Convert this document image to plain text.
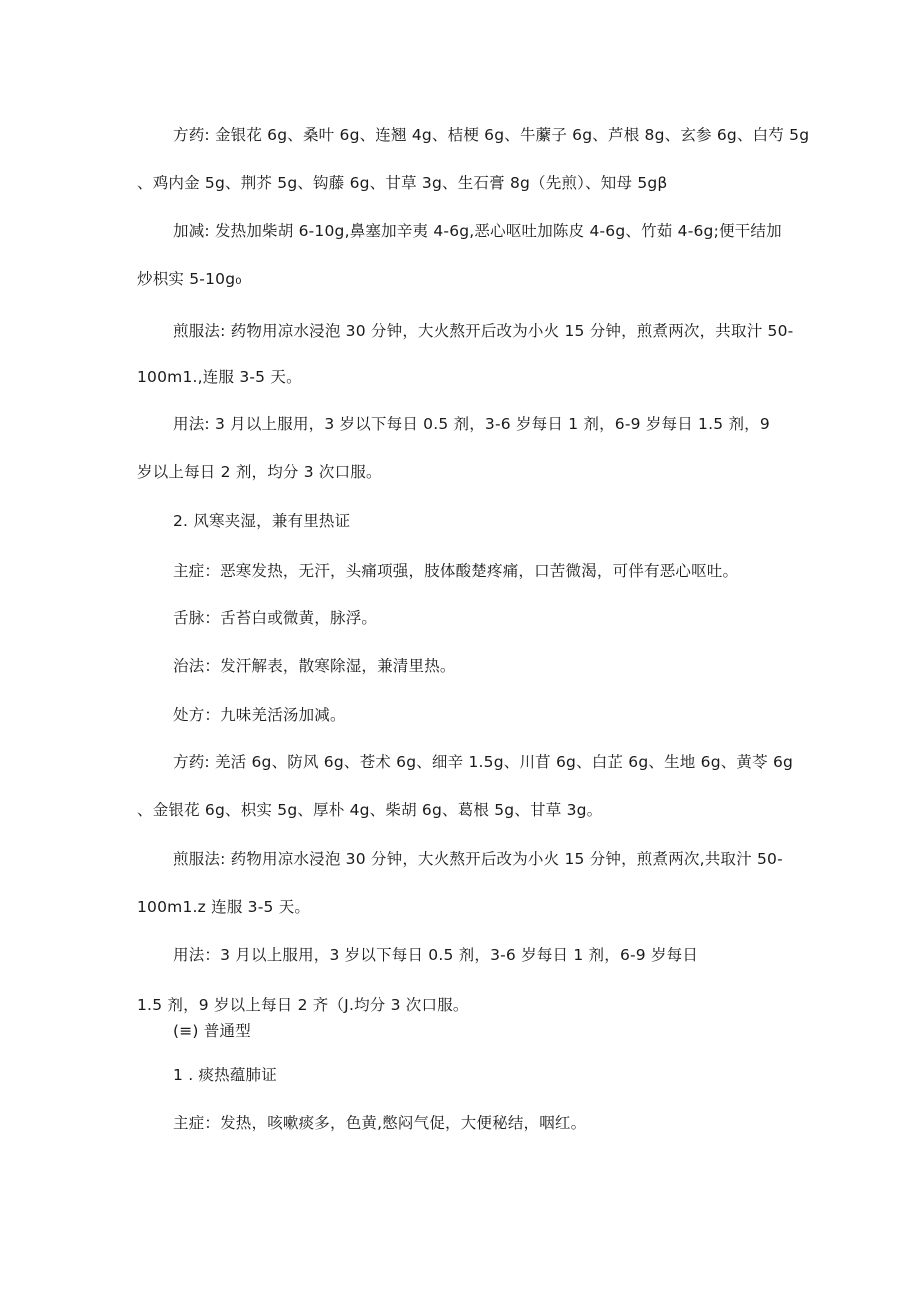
方药: 金银花 6g、桑叶 6g、连翘 4g、桔梗 6g、牛䕷子 6g、芦根 8g、玄参 6g、白芍 5g
、鸡内金 5g、荆芥 5g、钩藤 6g、甘草 3g、生石膏 8g（先煎）、知母 5gβ
加减: 发热加柴胡 6-10g,鼻塞加辛夷 4-6g,恶心呕吐加陈皮 4-6g、竹茹 4-6g;便干结加
炒枳实 5-10g₀
煎服法: 药物用凉水浸泡 30 分钟，大火熬开后改为小火 15 分钟，煎煮两次，共取汁 50-
100m1.,连服 3-5 天。
用法: 3 月以上服用，3 岁以下每日 0.5 剂，3-6 岁每日 1 剂，6-9 岁每日 1.5 剂，9
岁以上每日 2 剂，均分 3 次口服。
2. 风寒夹湿，兼有里热证
主症：恶寒发热，无汗，头痛项强，肢体酸楚疼痛，口苦微渴，可伴有恶心呕吐。
舌脉：舌苔白或微黄，脉浮。
治法：发汗解表，散寒除湿，兼清里热。
处方：九味羌活汤加减。
方药: 羌活 6g、防风 6g、苍术 6g、细辛 1.5g、川苜 6g、白芷 6g、生地 6g、黄苓 6g
、金银花 6g、枳实 5g、厚朴 4g、柴胡 6g、葛根 5g、甘草 3g。
煎服法: 药物用凉水浸泡 30 分钟，大火熬开后改为小火 15 分钟，煎煮两次,共取汁 50-
100m1.z 连服 3-5 天。
用法：3 月以上服用，3 岁以下每日 0.5 剂，3-6 岁每日 1 剂，6-9 岁每日
1.5 剂，9 岁以上每日 2 齐（J.均分 3 次口服。
(≡) 普通型
1 . 痰热蕴肺证
主症：发热，咳嗽痰多，色黄,憋闷气促，大便秘结，咽红。
